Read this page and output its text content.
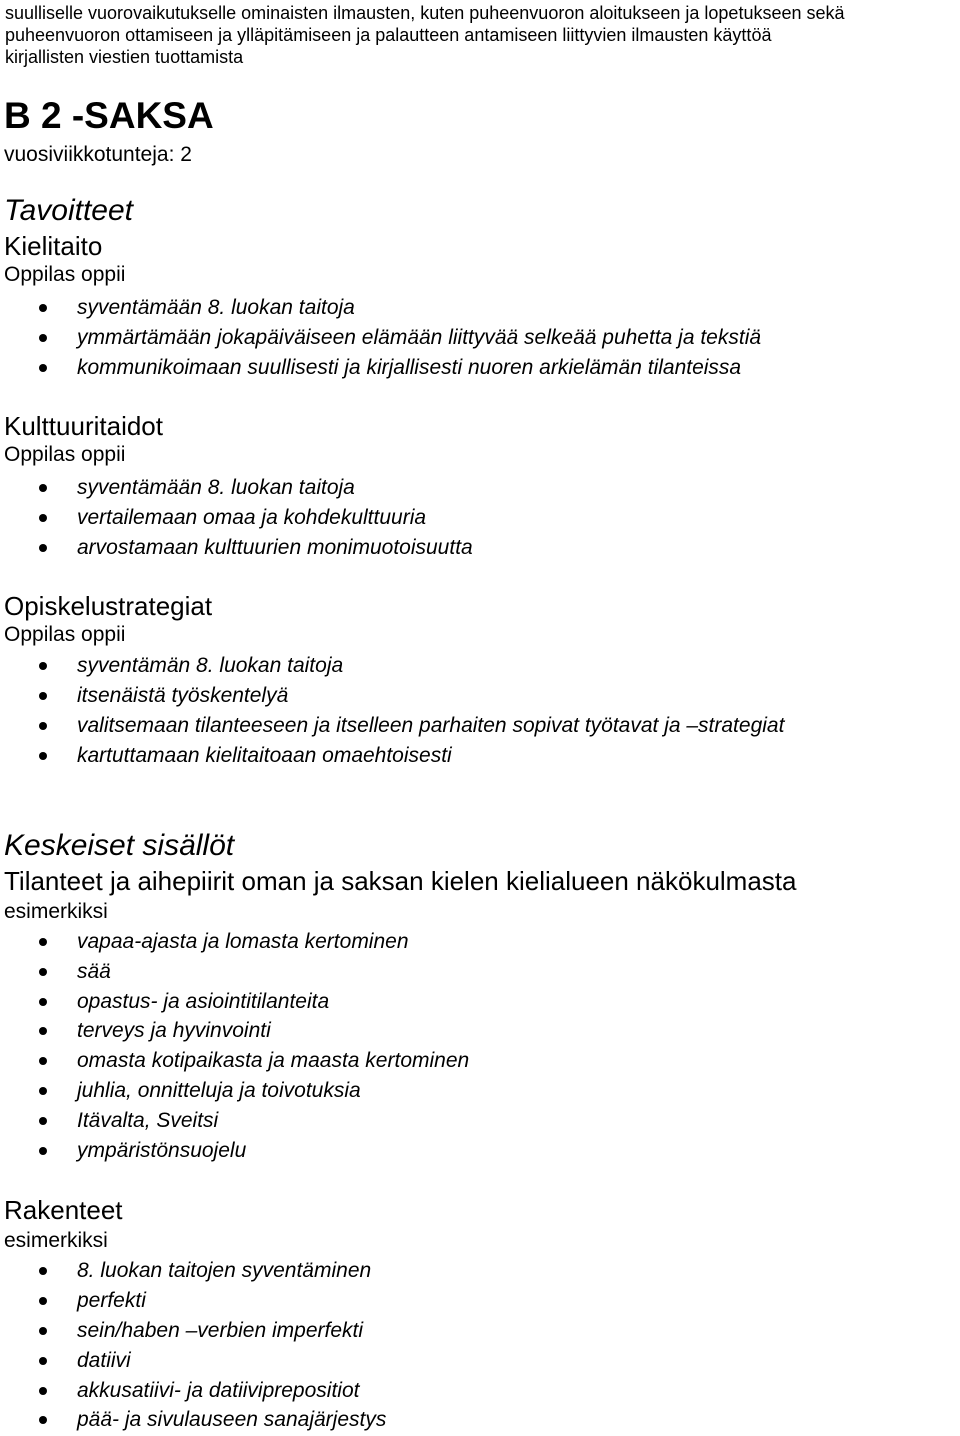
suulliselle vuorovaikutukselle ominaisten ilmausten, kuten puheenvuoron aloitukseen ja lopetukseen sekä
puheenvuoron ottamiseen ja ylläpitämiseen ja palautteen antamiseen liittyvien ilmausten käyttöä
kirjallisten viestien tuottamista
B 2 -SAKSA
vuosiviikkotunteja: 2
Tavoitteet
Kielitaito
Oppilas oppii
syventämään 8. luokan taitoja
ymmärtämään jokapäiväiseen elämään liittyvää selkeää puhetta ja tekstiä
kommunikoimaan suullisesti ja kirjallisesti nuoren arkielämän tilanteissa
Kulttuuritaidot
Oppilas oppii
syventämään 8. luokan taitoja
vertailemaan omaa ja kohdekulttuuria
arvostamaan kulttuurien monimuotoisuutta
Opiskelustrategiat
Oppilas oppii
syventämän 8. luokan taitoja
itsenäistä työskentelyä
valitsemaan tilanteeseen ja itselleen parhaiten sopivat työtavat ja –strategiat
kartuttamaan kielitaitoaan omaehtoisesti
Keskeiset sisällöt
Tilanteet ja aihepiirit oman ja saksan kielen kielialueen näkökulmasta
esimerkiksi
vapaa-ajasta ja lomasta kertominen
sää
opastus- ja asiointitilanteita
terveys ja hyvinvointi
omasta kotipaikasta ja maasta kertominen
juhlia, onnitteluja ja toivotuksia
Itävalta, Sveitsi
ympäristönsuojelu
Rakenteet
esimerkiksi
8. luokan taitojen syventäminen
perfekti
sein/haben –verbien imperfekti
datiivi
akkusatiivi- ja datiiviprepositiot
pää- ja sivulauseen sanajärjestys
